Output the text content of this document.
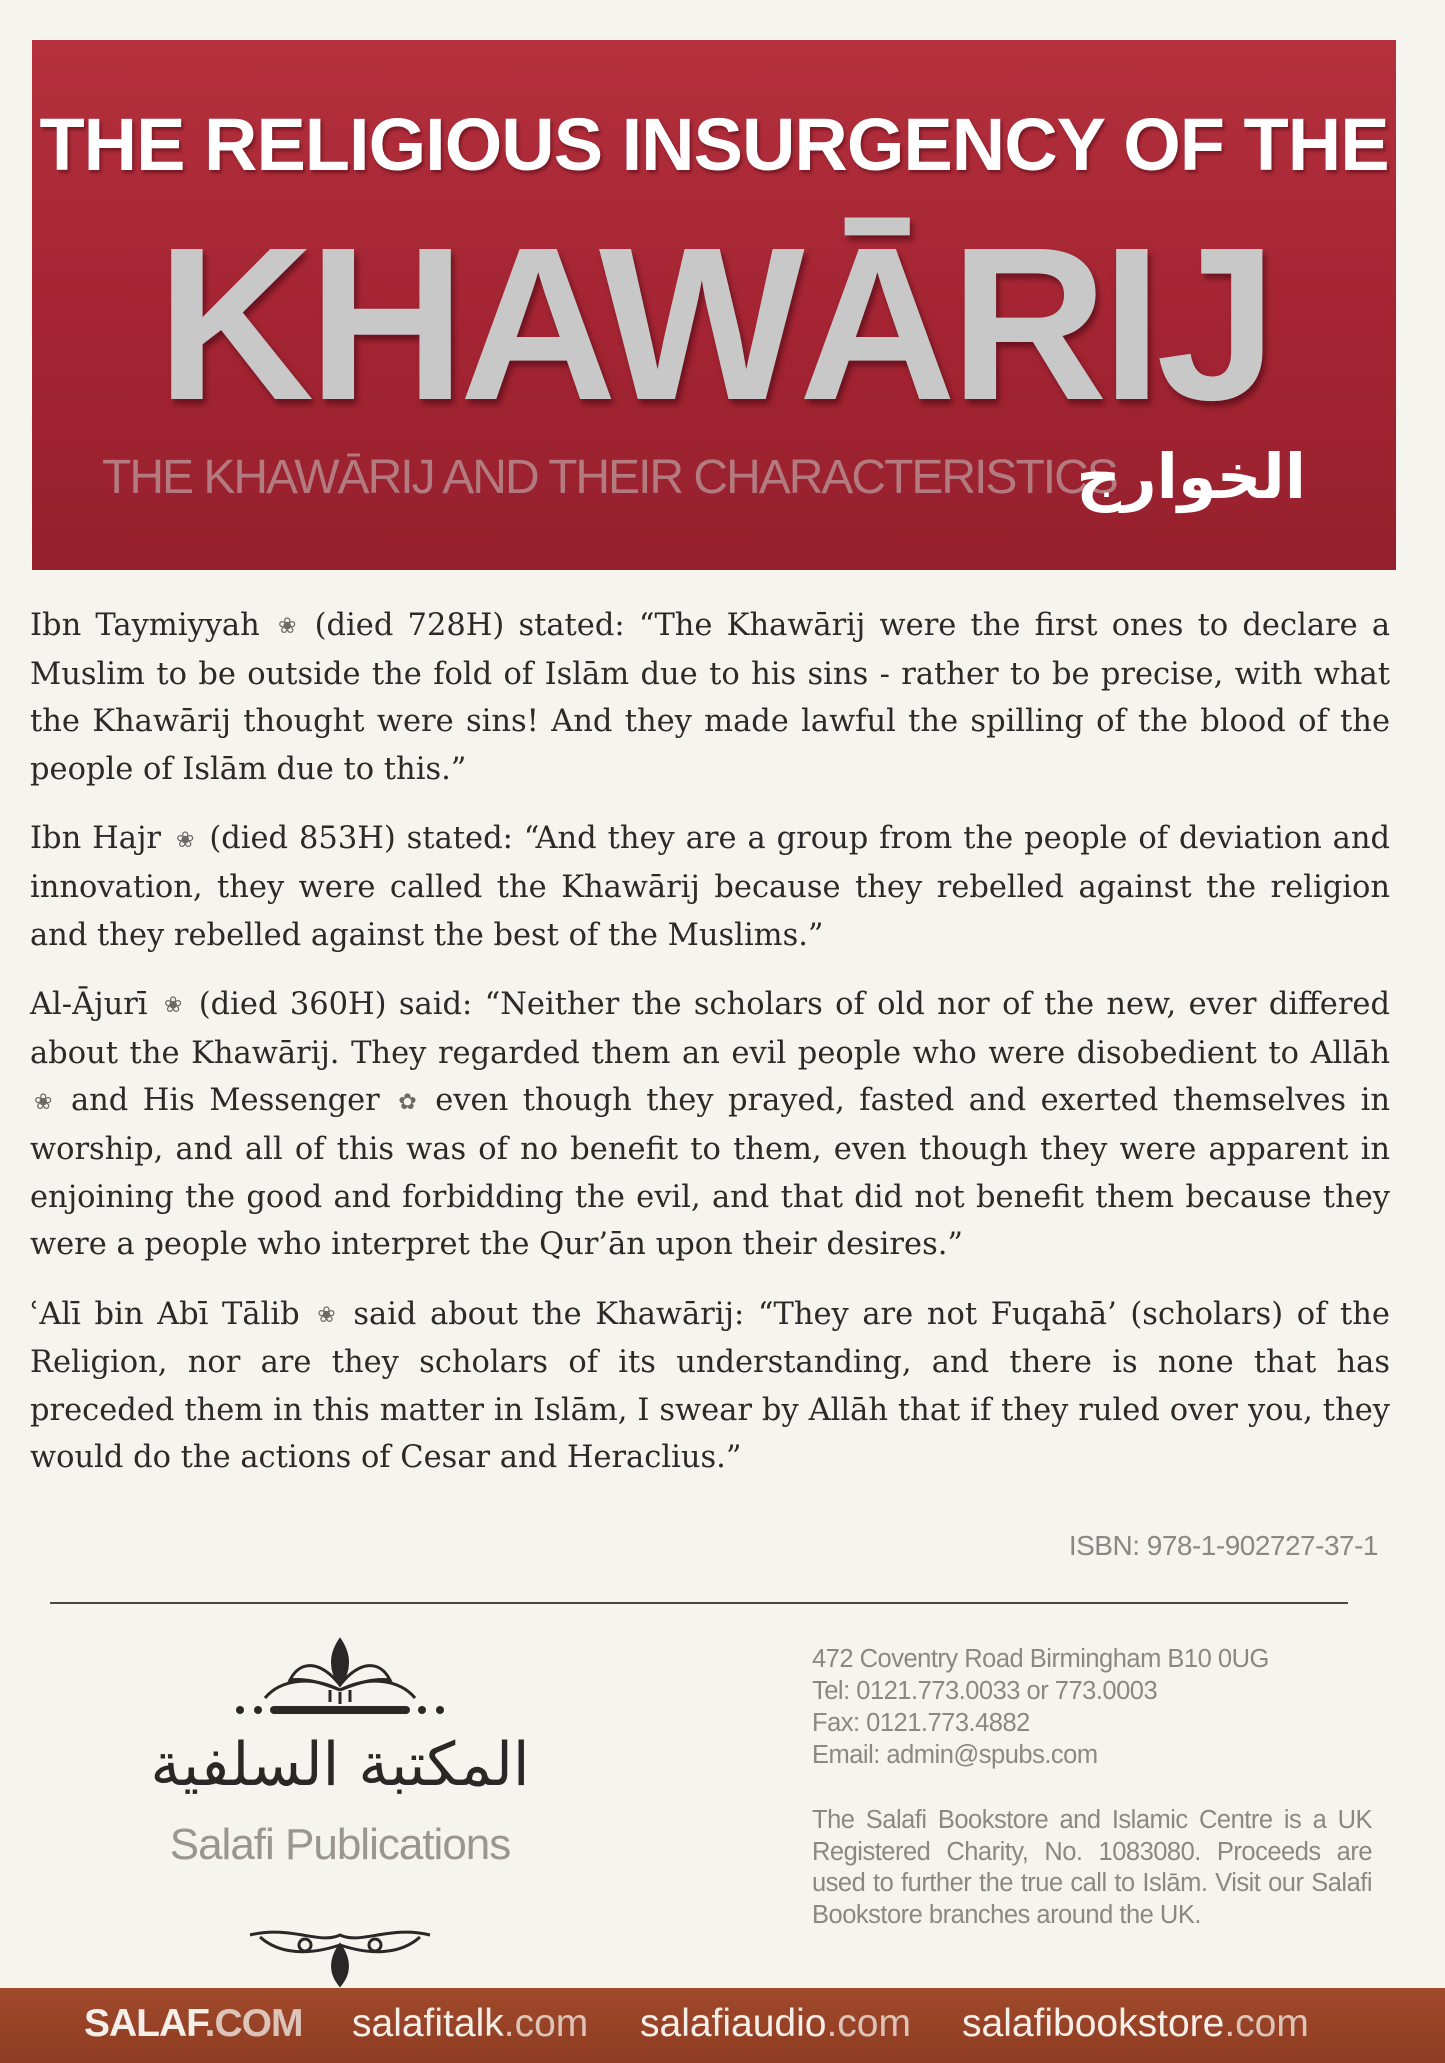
THE RELIGIOUS INSURGENCY OF THE
KHAWĀRIJ
THE KHAWĀRIJ AND THEIR CHARACTERISTICS
الخوارج

Ibn Taymiyyah ❀ (died 728H) stated: “The Khawārij were the first ones to declare a Muslim to be outside the fold of Islām due to his sins - rather to be precise, with what the Khawārij thought were sins! And they made lawful the spilling of the blood of the people of Islām due to this.”

Ibn Hajr ❀ (died 853H) stated: “And they are a group from the people of deviation and innovation, they were called the Khawārij because they rebelled against the religion and they rebelled against the best of the Muslims.”

Al-Ājurī ❀ (died 360H) said: “Neither the scholars of old nor of the new, ever differed about the Khawārij. They regarded them an evil people who were disobedient to Allāh ❀ and His Messenger ✿ even though they prayed, fasted and exerted themselves in worship, and all of this was of no benefit to them, even though they were apparent in enjoining the good and forbidding the evil, and that did not benefit them because they were a people who interpret the Qur’ān upon their desires.”

ʿAlī bin Abī Tālib ❀ said about the Khawārij: “They are not Fuqahā’ (scholars) of the Religion, nor are they scholars of its understanding, and there is none that has preceded them in this matter in Islām, I swear by Allāh that if they ruled over you, they would do the actions of Cesar and Heraclius.”

ISBN: 978-1-902727-37-1
المكتبة السلفية
Salafi Publications
472 Coventry Road Birmingham B10 0UG
Tel: 0121.773.0033 or 773.0003
Fax: 0121.773.4882
Email: admin@spubs.com
The Salafi Bookstore and Islamic Centre is a UK Registered Charity, No. 1083080. Proceeds are used to further the true call to Islām. Visit our Salafi Bookstore branches around the UK.
SALAF.COM salafitalk.com salafiaudio.com salafibookstore.com
